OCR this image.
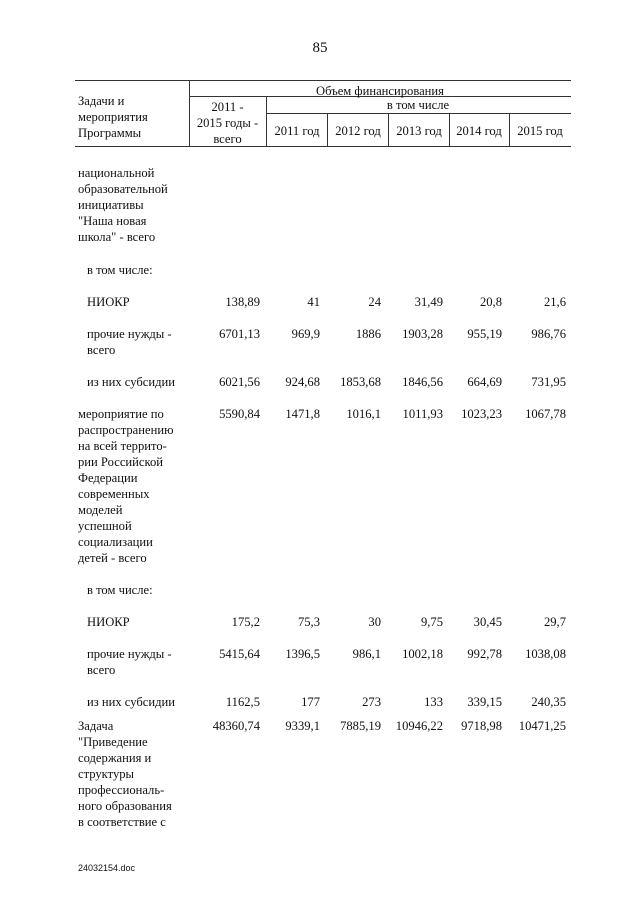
85
Задачи и
мероприятия
Программы
Объем финансирования
2011 -
2015 годы -
всего
в том числе
2011 год	2012 год	2013 год	2014 год	2015 год
национальной
образовательной
инициативы
"Наша новая
школа" - всего
в том числе:
НИОКР	138,89	41	24	31,49	20,8	21,6
прочие нужды -
всего
6701,13	969,9	1886	1903,28	955,19	986,76
из них субсидии	6021,56	924,68	1853,68	1846,56	664,69	731,95
мероприятие по
распространению
на всей террито-
рии Российской
Федерации
современных
моделей
успешной
социализации
детей - всего
5590,84	1471,8	1016,1	1011,93	1023,23	1067,78
в том числе:
НИОКР	175,2	75,3	30	9,75	30,45	29,7
прочие нужды -
всего
5415,64	1396,5	986,1	1002,18	992,78	1038,08
из них субсидии	1162,5	177	273	133	339,15	240,35
Задача
"Приведение
содержания и
структуры
профессиональ-
ного образования
в соответствие с
48360,74	9339,1	7885,19	10946,22	9718,98	10471,25
24032154.doc
